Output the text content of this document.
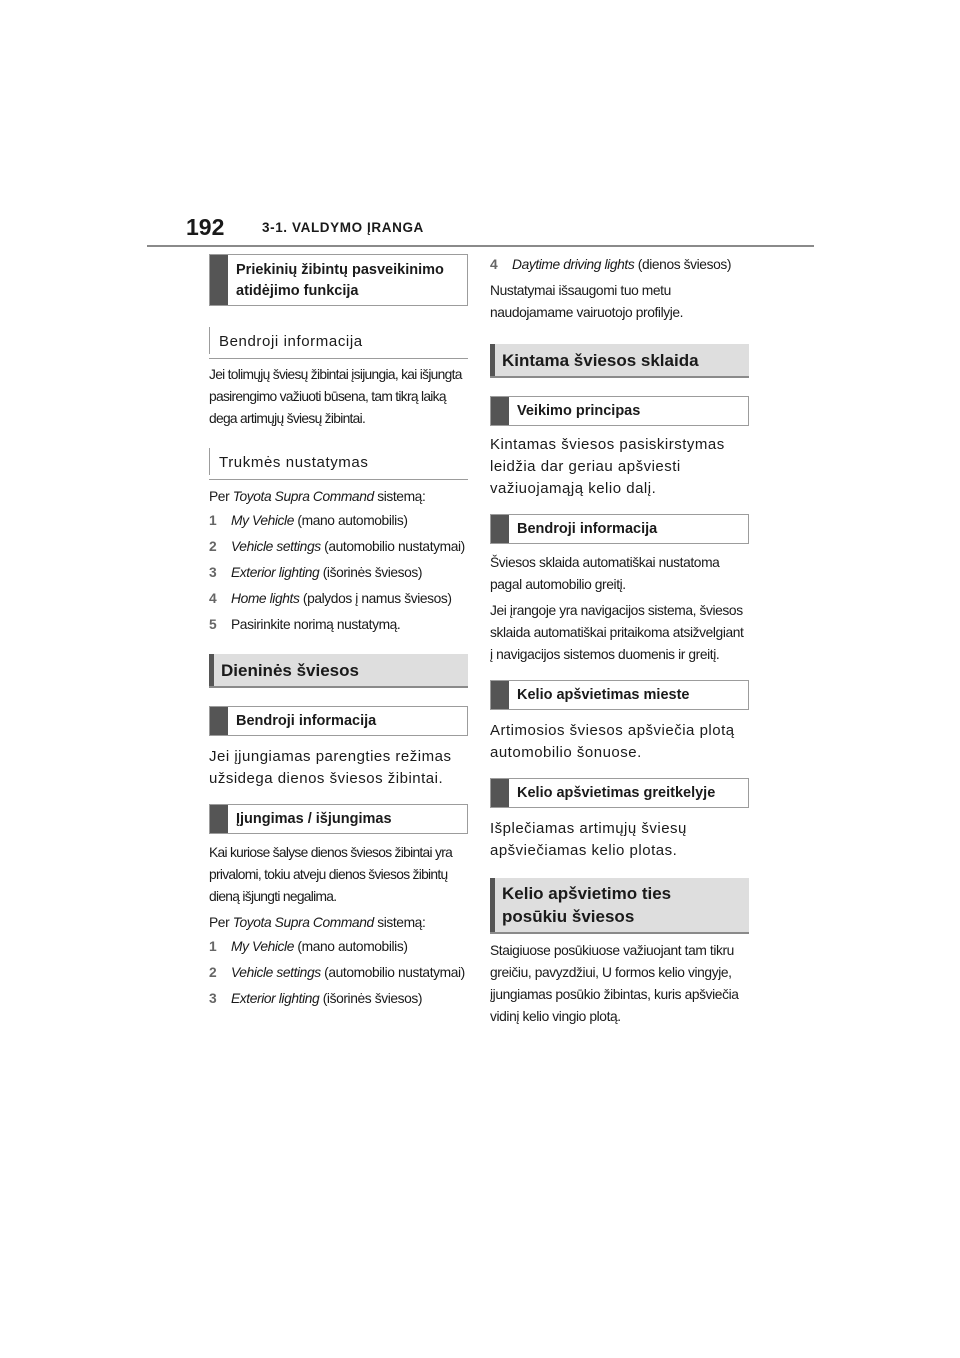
192	3-1. VALDYMO ĮRANGA
Priekinių žibintų pasveikinimo atidėjimo funkcija
Bendroji informacija
Jei tolimųjų šviesų žibintai įsijungia, kai išjungta pasirengimo važiuoti būsena, tam tikrą laiką dega artimųjų šviesų žibintai.
Trukmės nustatymas
Per Toyota Supra Command sistemą:
1	My Vehicle (mano automobilis)
2	Vehicle settings (automobilio nustatymai)
3	Exterior lighting (išorinės šviesos)
4	Home lights (palydos į namus šviesos)
5	Pasirinkite norimą nustatymą.
Dieninės šviesos
Bendroji informacija
Jei įjungiamas parengties režimas užsidega dienos šviesos žibintai.
Įjungimas / išjungimas
Kai kuriose šalyse dienos šviesos žibintai yra privalomi, tokiu atveju dienos šviesos žibintų dieną išjungti negalima.
Per Toyota Supra Command sistemą:
1	My Vehicle (mano automobilis)
2	Vehicle settings (automobilio nustatymai)
3	Exterior lighting (išorinės šviesos)
4	Daytime driving lights (dienos šviesos)
Nustatymai išsaugomi tuo metu naudojamame vairuotojo profilyje.
Kintama šviesos sklaida
Veikimo principas
Kintamas šviesos pasiskirstymas leidžia dar geriau apšviesti važiuojamąją kelio dalį.
Bendroji informacija
Šviesos sklaida automatiškai nustatoma pagal automobilio greitį.
Jei įrangoje yra navigacijos sistema, šviesos sklaida automatiškai pritaikoma atsižvelgiant į navigacijos sistemos duomenis ir greitį.
Kelio apšvietimas mieste
Artimosios šviesos apšviečia plotą automobilio šonuose.
Kelio apšvietimas greitkelyje
Išplečiamas artimųjų šviesų apšviečiamas kelio plotas.
Kelio apšvietimo ties posūkiu šviesos
Staigiuose posūkiuose važiuojant tam tikru greičiu, pavyzdžiui, U formos kelio vingyje, įjungiamas posūkio žibintas, kuris apšviečia vidinį kelio vingio plotą.
